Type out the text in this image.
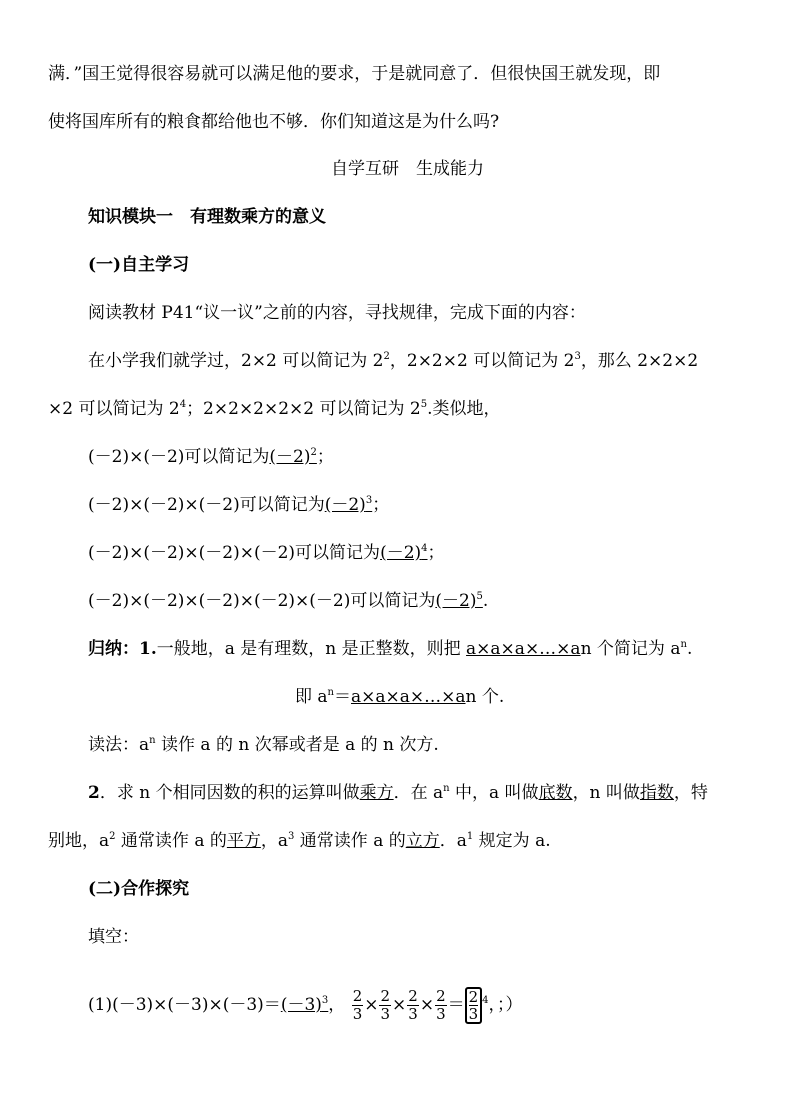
满．”国王觉得很容易就可以满足他的要求，于是就同意了．但很快国王就发现，即
使将国库所有的粮食都给他也不够．你们知道这是为什么吗?
自学互研　生成能力
知识模块一　有理数乘方的意义
(一)自主学习
阅读教材 P41“议一议”之前的内容，寻找规律，完成下面的内容：
在小学我们就学过，2×2 可以简记为 $2^2$，2×2×2 可以简记为 $2^3$，那么 2×2×2
×2 可以简记为 $2^4$；2×2×2×2×2 可以简记为 $2^5$.类似地，
(－2)×(－2)可以简记为$(-2)^2$；
(－2)×(－2)×(－2)可以简记为$(-2)^3$；
(－2)×(－2)×(－2)×(－2)可以简记为$(-2)^4$；
(－2)×(－2)×(－2)×(－2)×(－2)可以简记为$(-2)^5$.
归纳：1.一般地，a 是有理数，n 是正整数，则把 a×a×a×…×an 个简记为 $a^n$.
即 $a^n=a\times a\times a\times\dots\times an$ 个.
读法：$a^n$ 读作 a 的 n 次幂或者是 a 的 n 次方.
2．求 n 个相同因数的积的运算叫做乘方．在 $a^n$ 中，a 叫做底数，n 叫做指数，特
别地，$a^2$ 通常读作 a 的平方，$a^3$ 通常读作 a 的立方．$a^1$ 规定为 a.
(二)合作探究
填空：
$(1)(-3)\times(-3)\times(-3)=(-3)^3$， $\frac{2}{3} \times \frac{2}{3} \times \frac{2}{3} \times \frac{2}{3} = \frac{2}{3} ^4$，；）
